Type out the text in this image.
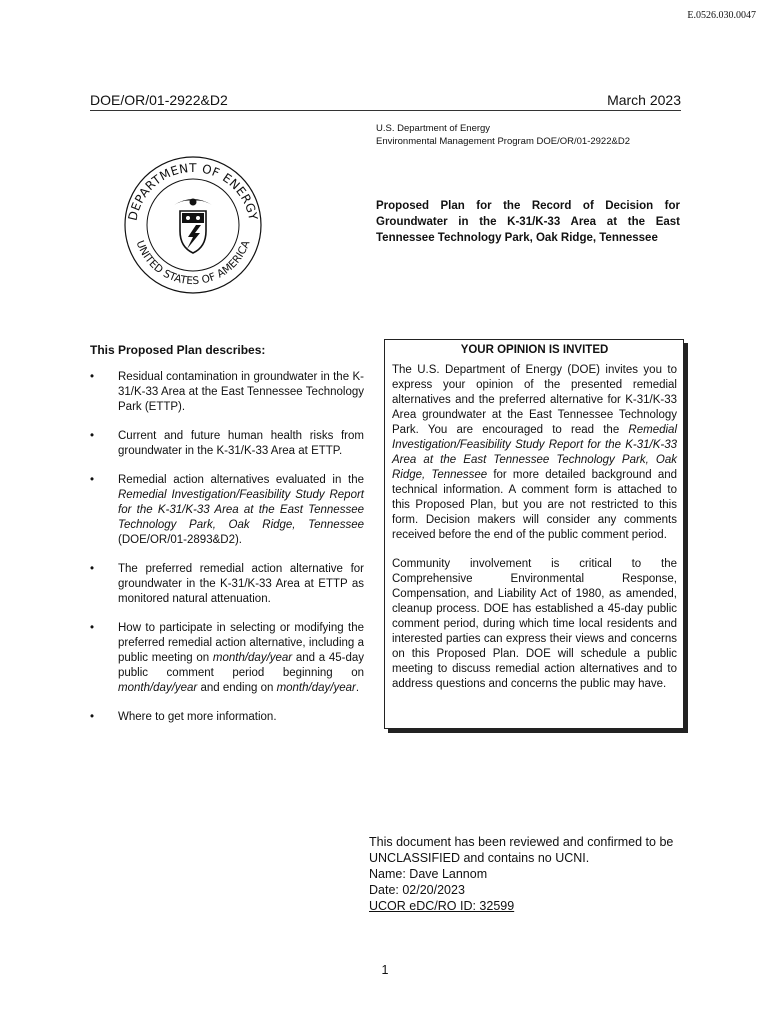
E.0526.030.0047
DOE/OR/01-2922&D2	March 2023
U.S. Department of Energy
Environmental Management Program DOE/OR/01-2922&D2
DEPARTMENT OF ENERGY
UNITED STATES OF AMERICA
Proposed Plan for the Record of Decision for Groundwater in the K-31/K-33 Area at the East Tennessee Technology Park, Oak Ridge, Tennessee
This Proposed Plan describes:
• Residual contamination in groundwater in the K-31/K-33 Area at the East Tennessee Technology Park (ETTP).
• Current and future human health risks from groundwater in the K-31/K-33 Area at ETTP.
• Remedial action alternatives evaluated in the Remedial Investigation/Feasibility Study Report for the K-31/K-33 Area at the East Tennessee Technology Park, Oak Ridge, Tennessee (DOE/OR/01-2893&D2).
• The preferred remedial action alternative for groundwater in the K-31/K-33 Area at ETTP as monitored natural attenuation.
• How to participate in selecting or modifying the preferred remedial action alternative, including a public meeting on month/day/year and a 45-day public comment period beginning on month/day/year and ending on month/day/year.
• Where to get more information.
YOUR OPINION IS INVITED

The U.S. Department of Energy (DOE) invites you to express your opinion of the presented remedial alternatives and the preferred alternative for K-31/K-33 Area groundwater at the East Tennessee Technology Park. You are encouraged to read the Remedial Investigation/Feasibility Study Report for the K-31/K-33 Area at the East Tennessee Technology Park, Oak Ridge, Tennessee for more detailed background and technical information. A comment form is attached to this Proposed Plan, but you are not restricted to this form. Decision makers will consider any comments received before the end of the public comment period.

Community involvement is critical to the Comprehensive Environmental Response, Compensation, and Liability Act of 1980, as amended, cleanup process. DOE has established a 45-day public comment period, during which time local residents and interested parties can express their views and concerns on this Proposed Plan. DOE will schedule a public meeting to discuss remedial action alternatives and to address questions and concerns the public may have.

This document has been reviewed and confirmed to be
UNCLASSIFIED and contains no UCNI.
Name: Dave Lannom
Date: 02/20/2023
UCOR eDC/RO ID: 32599
1
